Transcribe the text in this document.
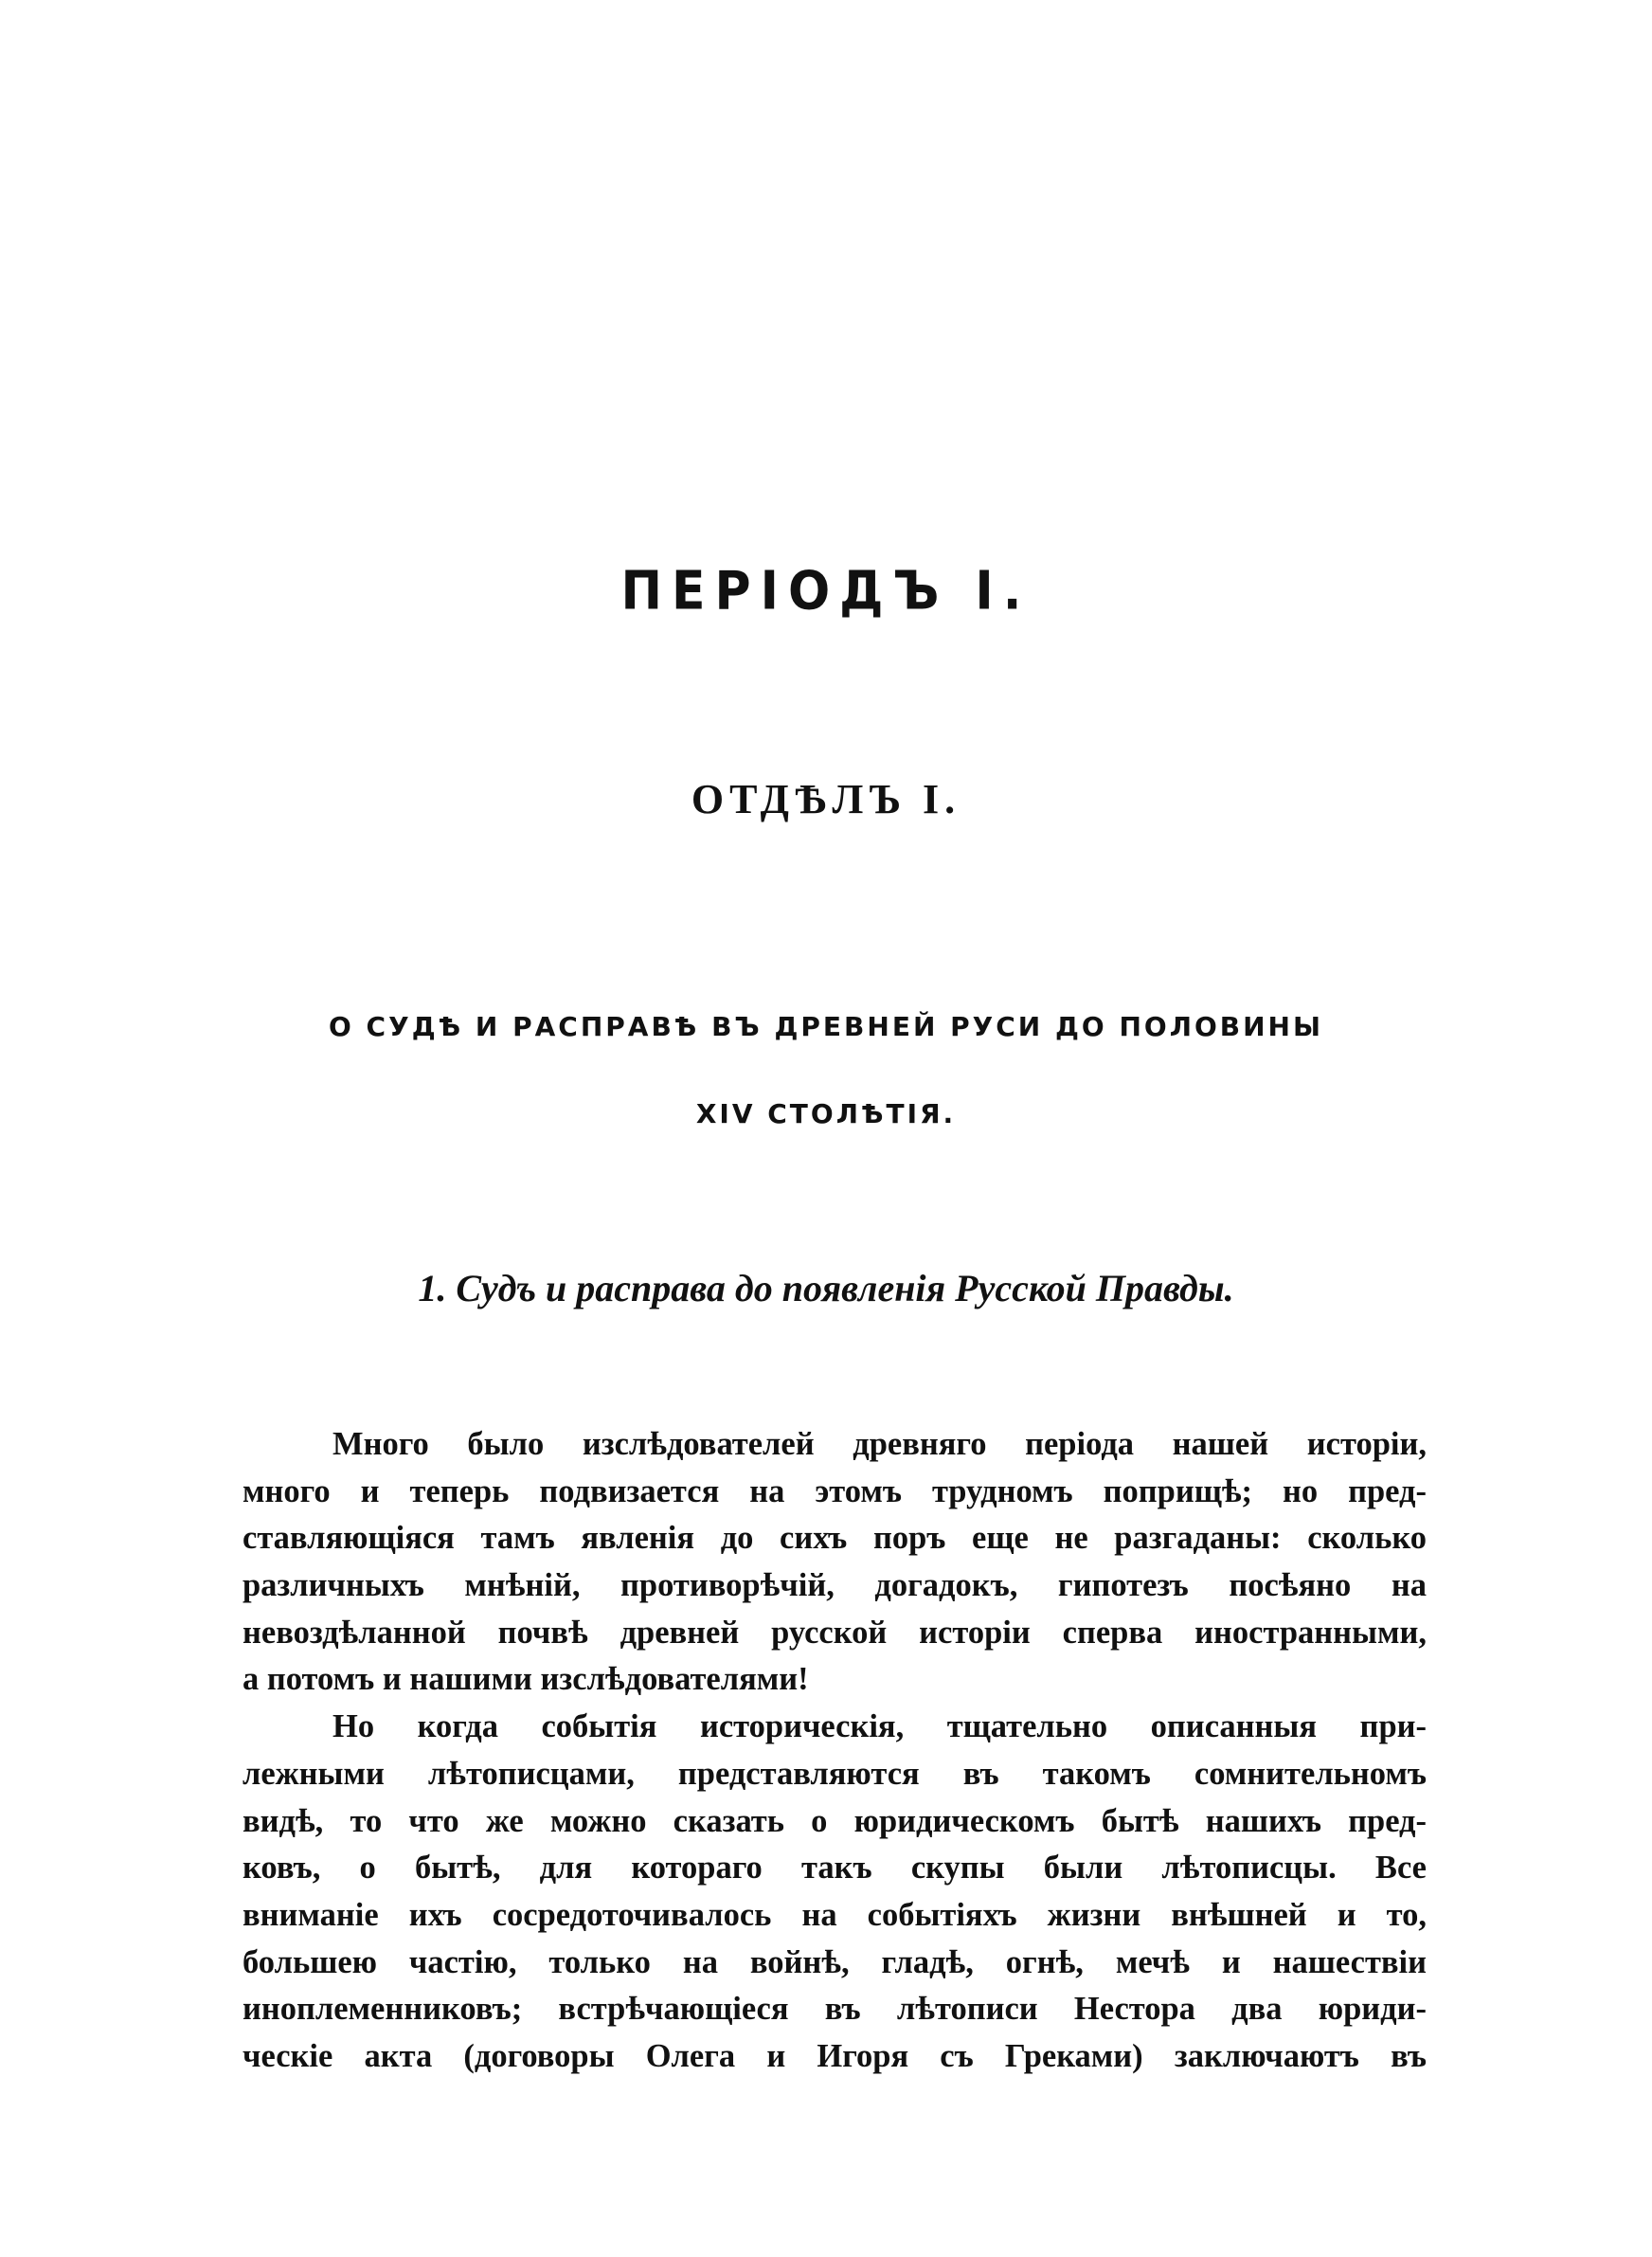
ПЕРІОДЪ I.
ОТДѢЛЪ I.
О СУДѢ И РАСПРАВѢ ВЪ ДРЕВНЕЙ РУСИ ДО ПОЛОВИНЫ
XIV СТОЛѢТІЯ.
1. Судъ и расправа до появленія Русской Правды.
Много было изслѣдователей древняго періода нашей исторіи,
много и теперь подвизается на этомъ трудномъ поприщѣ; но пред-
ставляющіяся тамъ явленія до сихъ поръ еще не разгаданы: сколько
различныхъ мнѣній, противорѣчій, догадокъ, гипотезъ посѣяно на
невоздѣланной почвѣ древней русской исторіи сперва иностранными,
а потомъ и нашими изслѣдователями!
Но когда событія историческія, тщательно описанныя при-
лежными лѣтописцами, представляются въ такомъ сомнительномъ
видѣ, то что же можно сказать о юридическомъ бытѣ нашихъ пред-
ковъ, о бытѣ, для котораго такъ скупы были лѣтописцы. Все
вниманіе ихъ сосредоточивалось на событіяхъ жизни внѣшней и то,
большею частію, только на войнѣ, гладѣ, огнѣ, мечѣ и нашествіи
иноплеменниковъ; встрѣчающіеся въ лѣтописи Нестора два юриди-
ческіе акта (договоры Олега и Игоря съ Греками) заключаютъ въ
